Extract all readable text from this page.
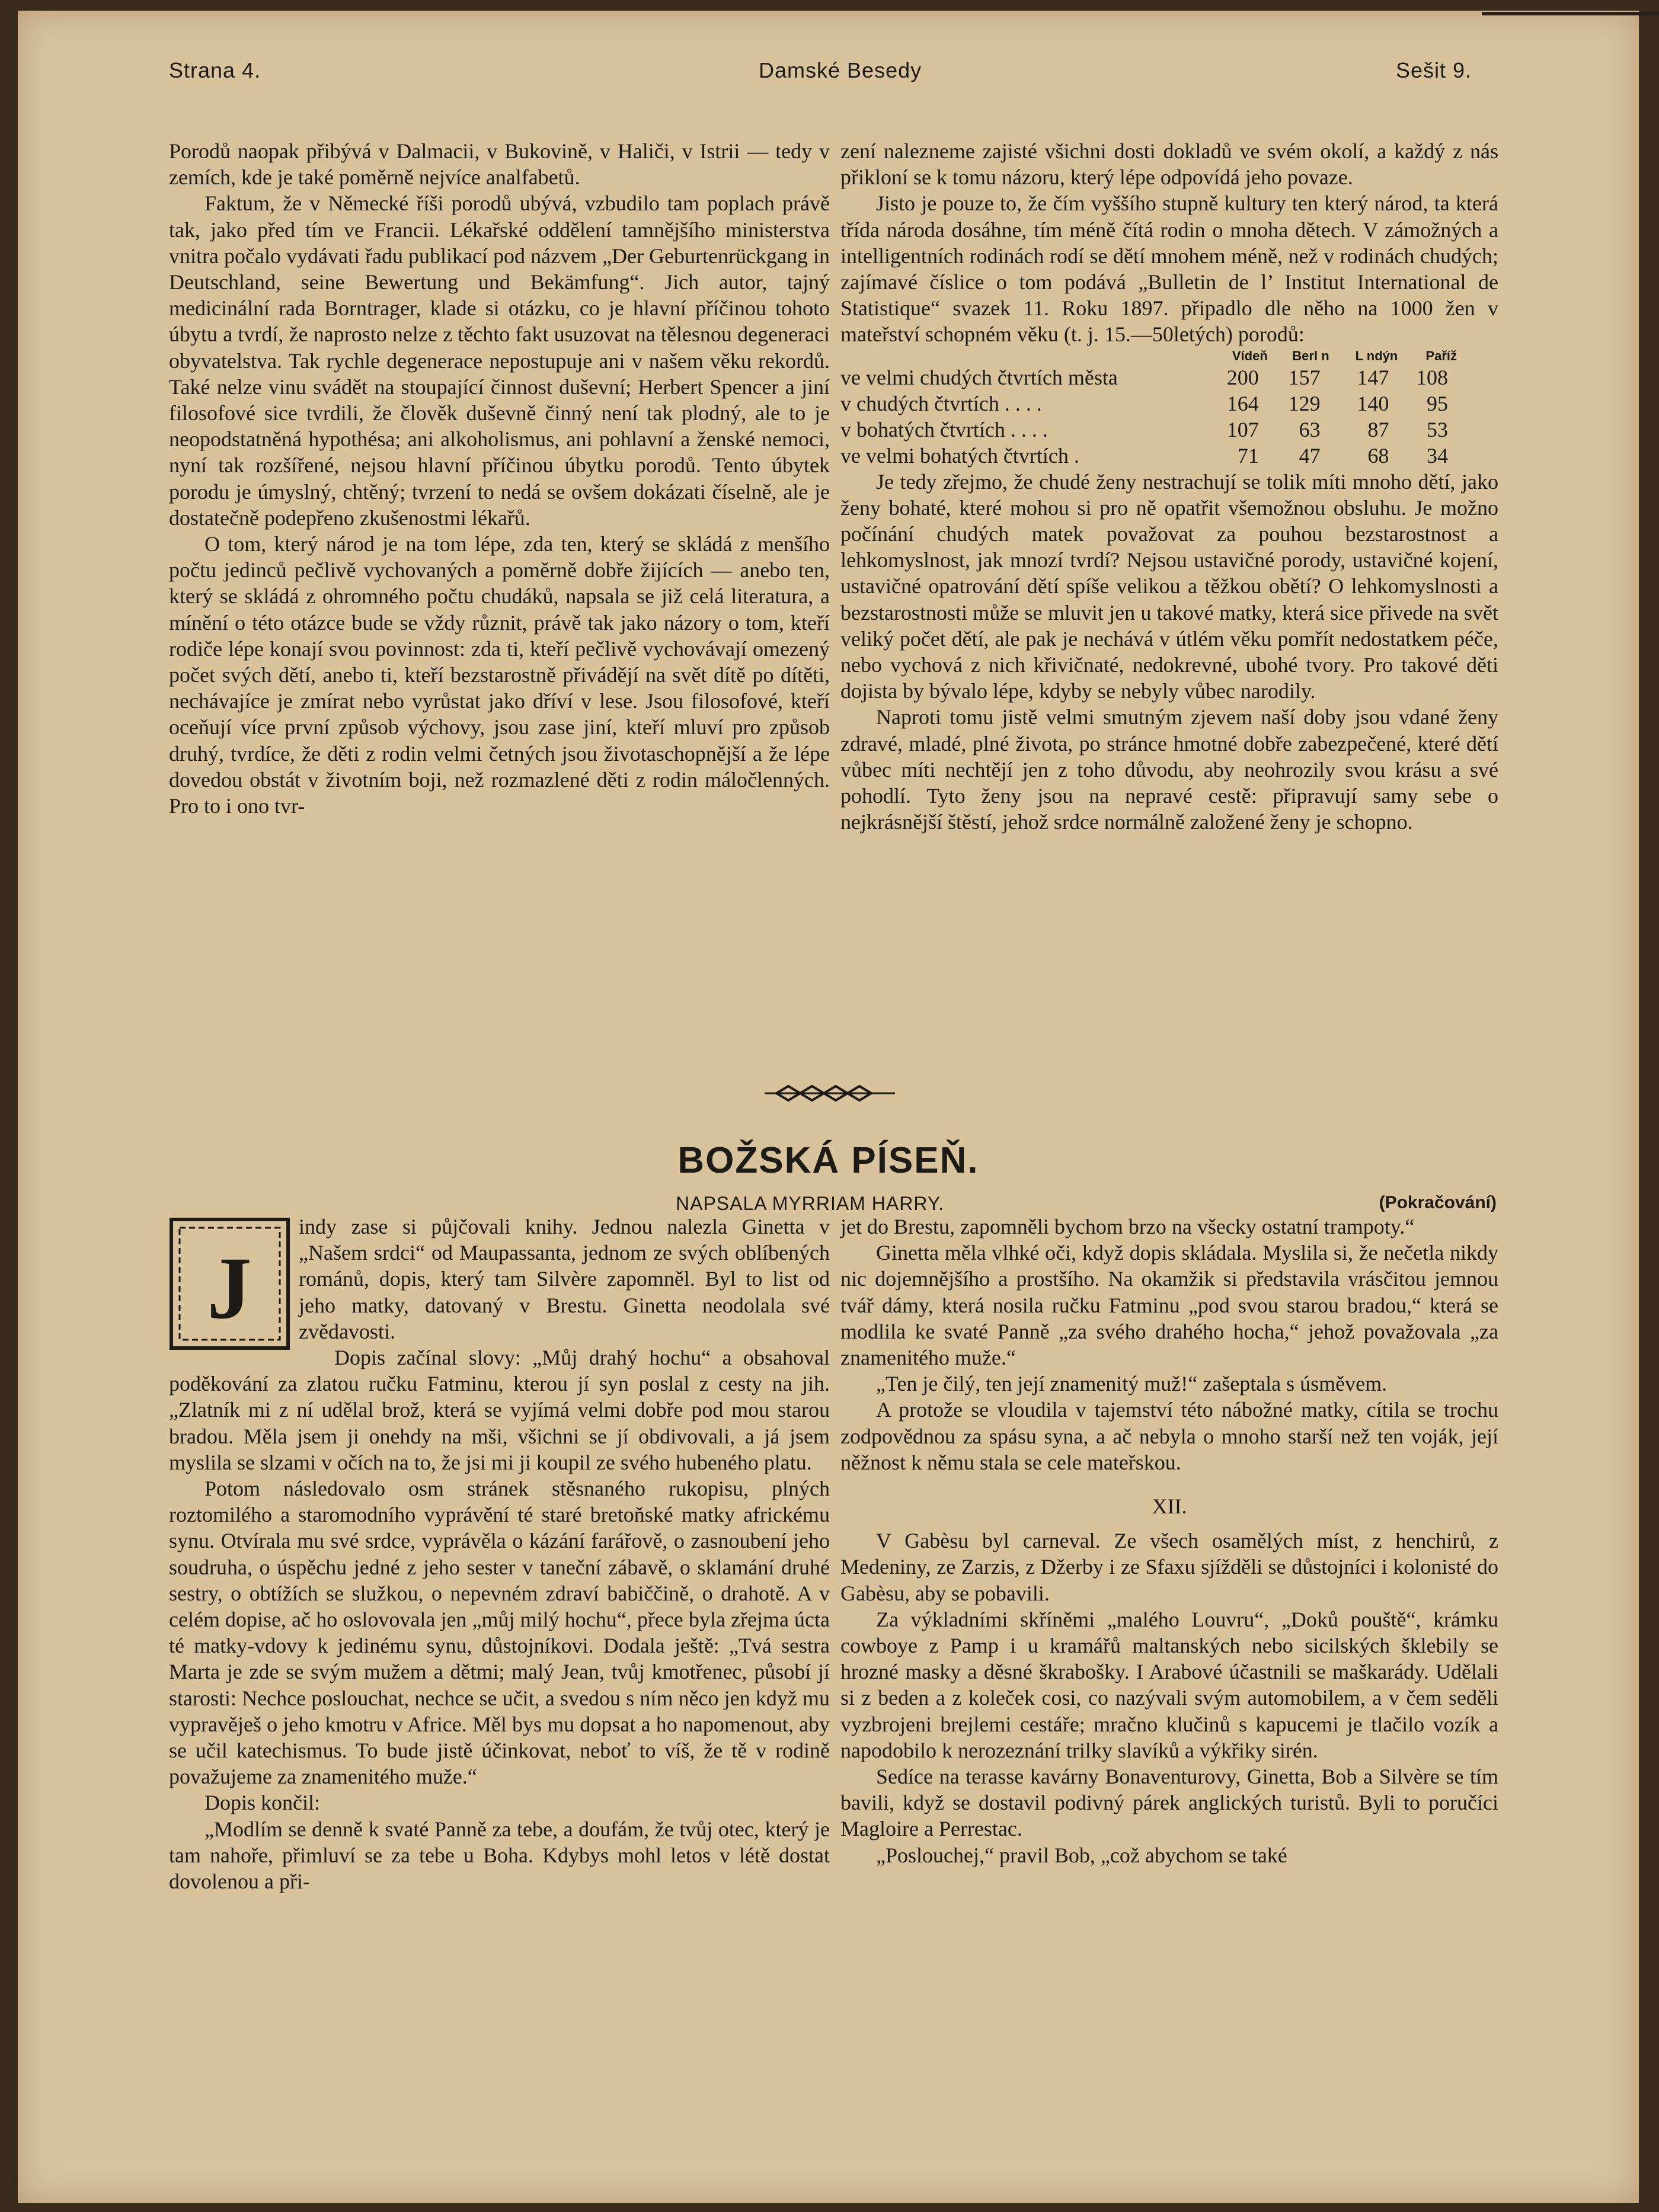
Strana 4.	Damské Besedy	Sešit 9.

Porodů naopak přibývá v Dalmacii, v Bukovině, v Haliči, v Istrii — tedy v zemích, kde je také poměrně nejvíce analfabetů.

Faktum, že v Německé říši porodů ubývá, vzbudilo tam poplach právě tak, jako před tím ve Francii. Lékařské oddělení tamnějšího ministerstva vnitra počalo vydávati řadu publikací pod názvem „Der Geburtenrückgang in Deutschland, seine Bewertung und Bekämfung“. Jich autor, tajný medicinální rada Borntrager, klade si otázku, co je hlavní příčinou tohoto úbytu a tvrdí, že naprosto nelze z těchto fakt usuzovat na tělesnou degeneraci obyvatelstva. Tak rychle degenerace nepostupuje ani v našem věku rekordů. Také nelze vinu svádět na stoupající činnost duševní; Herbert Spencer a jiní filosofové sice tvrdili, že člověk duševně činný není tak plodný, ale to je neopodstatněná hypothésa; ani alkoholismus, ani pohlavní a ženské nemoci, nyní tak rozšířené, nejsou hlavní příčinou úbytku porodů. Tento úbytek porodu je úmyslný, chtěný; tvrzení to nedá se ovšem dokázati číselně, ale je dostatečně podepřeno zkušenostmi lékařů.

O tom, který národ je na tom lépe, zda ten, který se skládá z menšího počtu jedinců pečlivě vychovaných a poměrně dobře žijících — anebo ten, který se skládá z ohromného počtu chudáků, napsala se již celá literatura, a mínění o této otázce bude se vždy různit, právě tak jako názory o tom, kteří rodiče lépe konají svou povinnost: zda ti, kteří pečlivě vychovávají omezený počet svých dětí, anebo ti, kteří bezstarostně přivádějí na svět dítě po dítěti, nechávajíce je zmírat nebo vyrůstat jako dříví v lese. Jsou filosofové, kteří oceňují více první způsob výchovy, jsou zase jiní, kteří mluví pro způsob druhý, tvrdíce, že děti z rodin velmi četných jsou životaschopnější a že lépe dovedou obstát v životním boji, než rozmazlené děti z rodin máločlenných. Pro to i ono tvr-

zení nalezneme zajisté všichni dosti dokladů ve svém okolí, a každý z nás přikloní se k tomu názoru, který lépe odpovídá jeho povaze.

Jisto je pouze to, že čím vyššího stupně kultury ten který národ, ta která třída národa dosáhne, tím méně čítá rodin o mnoha dětech. V zámožných a intelligentních rodinách rodí se dětí mnohem méně, než v rodinách chudých; zajímavé číslice o tom podává „Bulletin de l’ Institut International de Statistique“ svazek 11. Roku 1897. připadlo dle něho na 1000 žen v mateřství schopném věku (t. j. 15.—50letých) porodů:

	Vídeň	Berl n	L ndýn	Paříž
ve velmi chudých čtvrtích města	200	157	147	108
v chudých čtvrtích . . . .	164	129	140	95
v bohatých čtvrtích . . . .	107	63	87	53
ve velmi bohatých čtvrtích .	71	47	68	34

Je tedy zřejmo, že chudé ženy nestrachují se tolik míti mnoho dětí, jako ženy bohaté, které mohou si pro ně opatřit všemožnou obsluhu. Je možno počínání chudých matek považovat za pouhou bezstarostnost a lehkomyslnost, jak mnozí tvrdí? Nejsou ustavičné porody, ustavičné kojení, ustavičné opatrování dětí spíše velikou a těžkou obětí? O lehkomyslnosti a bezstarostnosti může se mluvit jen u takové matky, která sice přivede na svět veliký počet dětí, ale pak je nechává v útlém věku pomřít nedostatkem péče, nebo vychová z nich křivičnaté, nedokrevné, ubohé tvory. Pro takové děti dojista by bývalo lépe, kdyby se nebyly vůbec narodily.

Naproti tomu jistě velmi smutným zjevem naší doby jsou vdané ženy zdravé, mladé, plné života, po stránce hmotné dobře zabezpečené, které dětí vůbec míti nechtějí jen z toho důvodu, aby neohrozily svou krásu a své pohodlí. Tyto ženy jsou na nepravé cestě: připravují samy sebe o nejkrásnější štěstí, jehož srdce normálně založené ženy je schopno.

BOŽSKÁ PÍSEŇ.
NAPSALA MYRRIAM HARRY.	(Pokračování)
J

indy zase si půjčovali knihy. Jednou nalezla Ginetta v „Našem srdci“ od Maupassanta, jednom ze svých oblíbených románů, dopis, který tam Silvère zapomněl. Byl to list od jeho matky, datovaný v Brestu. Ginetta neodolala své zvědavosti.

Dopis začínal slovy: „Můj drahý hochu“ a obsahoval poděkování za zlatou ručku Fatminu, kterou jí syn poslal z cesty na jih. „Zlatník mi z ní udělal brož, která se vyjímá velmi dobře pod mou starou bradou. Měla jsem ji onehdy na mši, všichni se jí obdivovali, a já jsem myslila se slzami v očích na to, že jsi mi ji koupil ze svého hubeného platu.

Potom následovalo osm stránek stěsnaného rukopisu, plných roztomilého a staromodního vyprávění té staré bretoňské matky africkému synu. Otvírala mu své srdce, vyprávěla o kázání farářově, o zasnoubení jeho soudruha, o úspěchu jedné z jeho sester v taneční zábavě, o sklamání druhé sestry, o obtížích se služkou, o nepevném zdraví babiččině, o drahotě. A v celém dopise, ač ho oslovovala jen „můj milý hochu“, přece byla zřejma úcta té matky-vdovy k jedinému synu, důstojníkovi. Dodala ještě: „Tvá sestra Marta je zde se svým mužem a dětmi; malý Jean, tvůj kmotřenec, působí jí starosti: Nechce poslouchat, nechce se učit, a svedou s ním něco jen když mu vypravěješ o jeho kmotru v Africe. Měl bys mu dopsat a ho napomenout, aby se učil katechismus. To bude jistě účinkovat, neboť to víš, že tě v rodině považujeme za znamenitého muže.“

Dopis končil:

„Modlím se denně k svaté Panně za tebe, a doufám, že tvůj otec, který je tam nahoře, přimluví se za tebe u Boha. Kdybys mohl letos v létě dostat dovolenou a při-

jet do Brestu, zapomněli bychom brzo na všecky ostatní trampoty.“

Ginetta měla vlhké oči, když dopis skládala. Myslila si, že nečetla nikdy nic dojemnějšího a prostšího. Na okamžik si představila vrásčitou jemnou tvář dámy, která nosila ručku Fatminu „pod svou starou bradou,“ která se modlila ke svaté Panně „za svého drahého hocha,“ jehož považovala „za znamenitého muže.“

„Ten je čilý, ten její znamenitý muž!“ zašeptala s úsměvem.

A protože se vloudila v tajemství této nábožné matky, cítila se trochu zodpovědnou za spásu syna, a ač nebyla o mnoho starší než ten voják, její něžnost k němu stala se cele mateřskou.

XII.

V Gabèsu byl carneval. Ze všech osamělých míst, z henchirů, z Medeniny, ze Zarzis, z Džerby i ze Sfaxu sjížděli se důstojníci i kolonisté do Gabèsu, aby se pobavili.

Za výkladními skříněmi „malého Louvru“, „Doků pouště“, krámku cowboye z Pamp i u kramářů maltanských nebo sicilských šklebily se hrozné masky a děsné škrabošky. I Arabové účastnili se maškarády. Udělali si z beden a z koleček cosi, co nazývali svým automobilem, a v čem seděli vyzbrojeni brejlemi cestáře; mračno klučinů s kapucemi je tlačilo vozík a napodobilo k nerozeznání trilky slavíků a výkřiky sirén.

Sedíce na terasse kavárny Bonaventurovy, Ginetta, Bob a Silvère se tím bavili, když se dostavil podivný párek anglických turistů. Byli to poručíci Magloire a Perrestac.

„Poslouchej,“ pravil Bob, „což abychom se také
